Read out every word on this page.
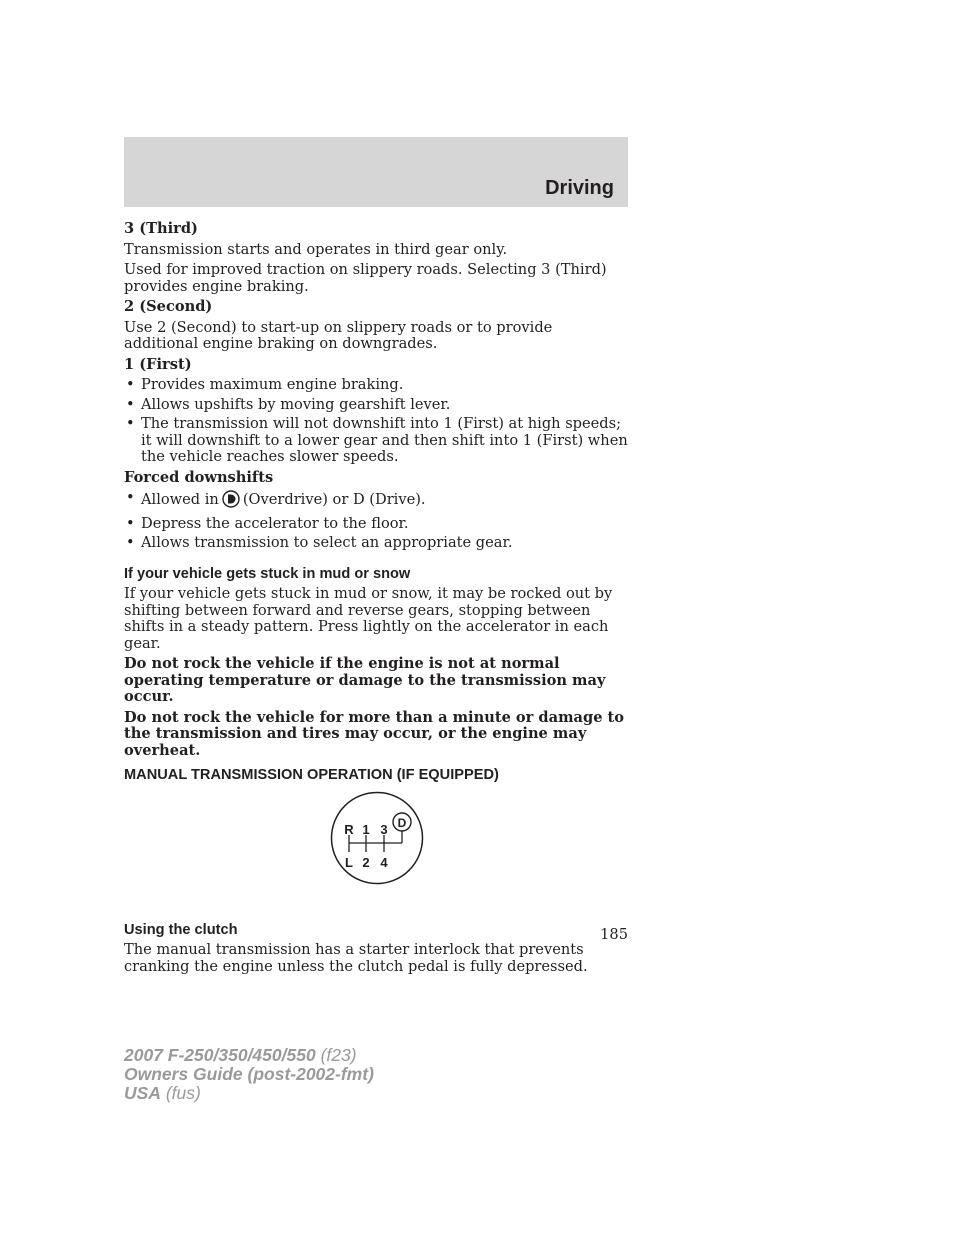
Driving

3 (Third)

Transmission starts and operates in third gear only.

Used for improved traction on slippery roads. Selecting 3 (Third) provides engine braking.

2 (Second)

Use 2 (Second) to start-up on slippery roads or to provide additional engine braking on downgrades.

1 (First)

• Provides maximum engine braking.
• Allows upshifts by moving gearshift lever.
• The transmission will not downshift into 1 (First) at high speeds; it will downshift to a lower gear and then shift into 1 (First) when the vehicle reaches slower speeds.

Forced downshifts

• Allowed in (Overdrive) or D (Drive).
• Depress the accelerator to the floor.
• Allows transmission to select an appropriate gear.

If your vehicle gets stuck in mud or snow

If your vehicle gets stuck in mud or snow, it may be rocked out by shifting between forward and reverse gears, stopping between shifts in a steady pattern. Press lightly on the accelerator in each gear.

Do not rock the vehicle if the engine is not at normal operating temperature or damage to the transmission may occur.

Do not rock the vehicle for more than a minute or damage to the transmission and tires may occur, or the engine may overheat.

MANUAL TRANSMISSION OPERATION (IF EQUIPPED)

R 1 3 D
L 2 4

Using the clutch

The manual transmission has a starter interlock that prevents cranking the engine unless the clutch pedal is fully depressed.

185
2007 F-250/350/450/550 (f23)
Owners Guide (post-2002-fmt)
USA (fus)
